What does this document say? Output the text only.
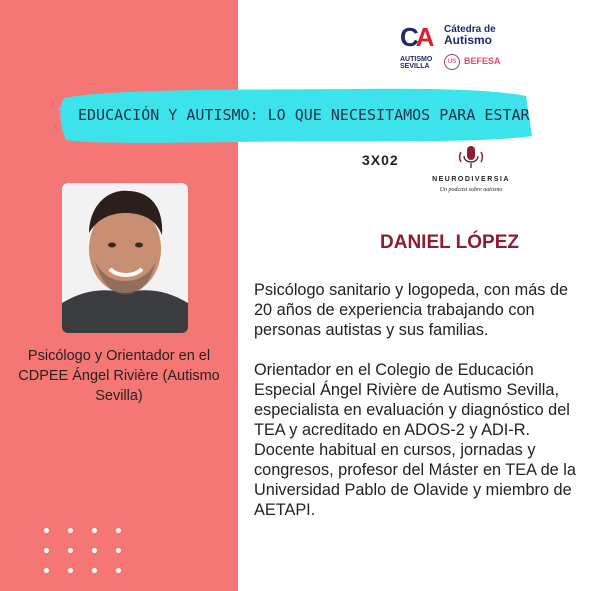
CA Cátedra de
Autismo
AUTISMO
SEVILLA
US BEFESA
EDUCACIÓN Y AUTISMO: LO QUE NECESITAMOS PARA ESTAR
3X02
NEURODIVERSIA
Un podcast sobre autismo
Psicólogo y Orientador en el CDPEE Ángel Rivière (Autismo Sevilla)
DANIEL LÓPEZ

Psicólogo sanitario y logopeda, con más de 20 años de experiencia trabajando con personas autistas y sus familias.

Orientador en el Colegio de Educación Especial Ángel Rivière de Autismo Sevilla, especialista en evaluación y diagnóstico del TEA y acreditado en ADOS-2 y ADI-R. Docente habitual en cursos, jornadas y congresos, profesor del Máster en TEA de la Universidad Pablo de Olavide y miembro de AETAPI.
